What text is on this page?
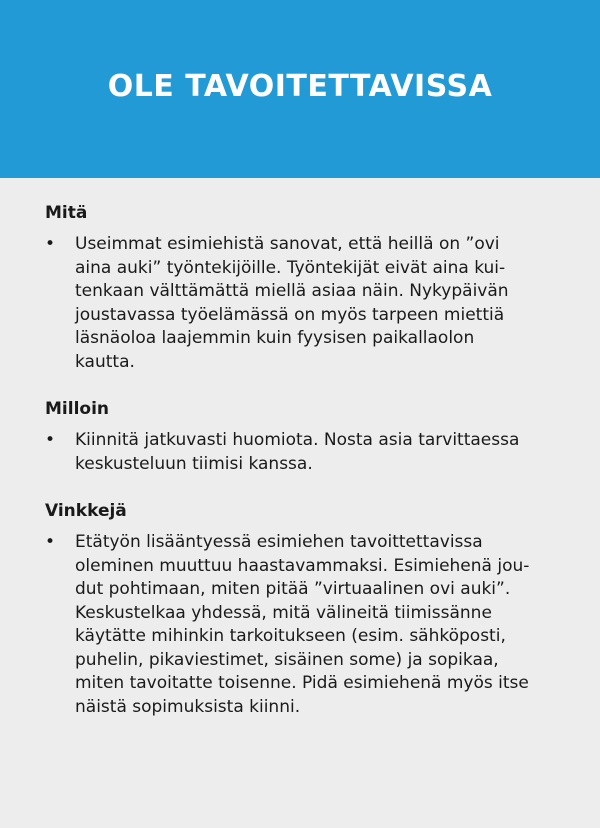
OLE TAVOITETTAVISSA
Mitä
•	Useimmat esimiehistä sanovat, että heillä on ”ovi
aina auki” työntekijöille. Työntekijät eivät aina kui-
tenkaan välttämättä miellä asiaa näin. Nykypäivän
joustavassa työelämässä on myös tarpeen miettiä
läsnäoloa laajemmin kuin fyysisen paikallaolon
kautta.
Milloin
•	Kiinnitä jatkuvasti huomiota. Nosta asia tarvittaessa
keskusteluun tiimisi kanssa.
Vinkkejä
•	Etätyön lisääntyessä esimiehen tavoittettavissa
oleminen muuttuu haastavammaksi. Esimiehenä jou-
dut pohtimaan, miten pitää ”virtuaalinen ovi auki”.
Keskustelkaa yhdessä, mitä välineitä tiimissänne
käytätte mihinkin tarkoitukseen (esim. sähköposti,
puhelin, pikaviestimet, sisäinen some) ja sopikaa,
miten tavoitatte toisenne. Pidä esimiehenä myös itse
näistä sopimuksista kiinni.
